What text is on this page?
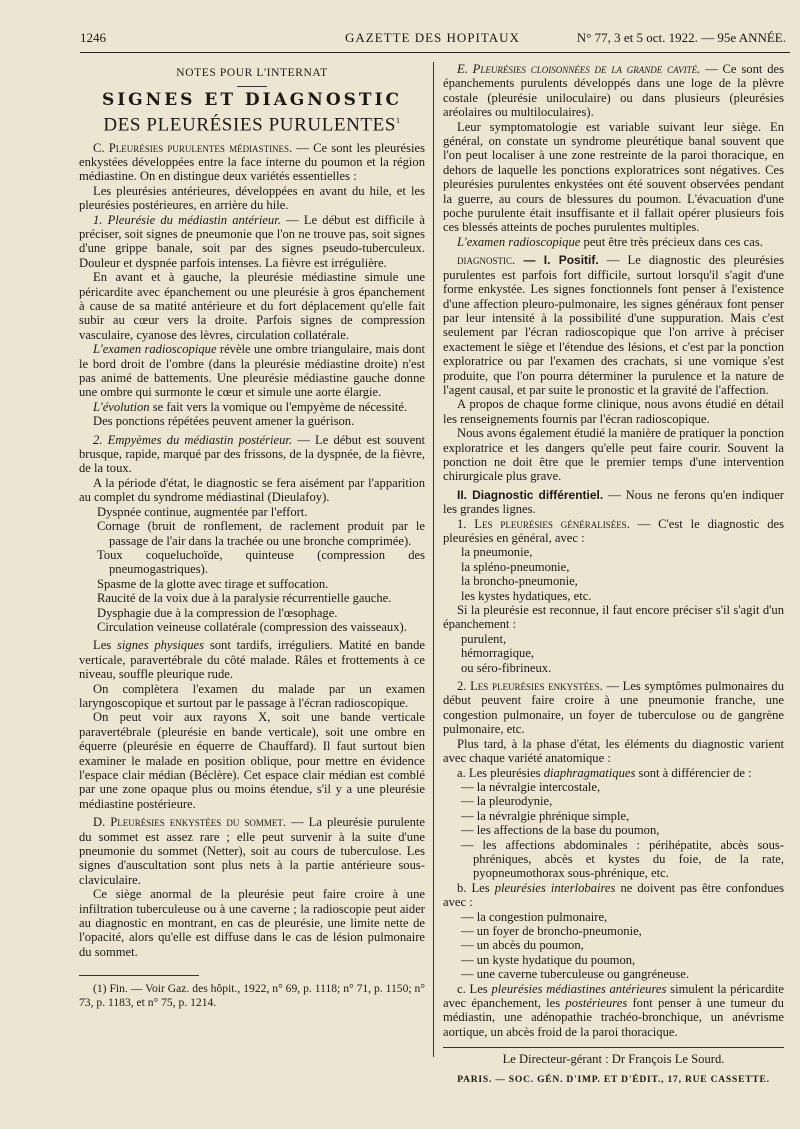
1246	GAZETTE DES HOPITAUX	N° 77, 3 et 5 oct. 1922. — 95e ANNÉE.

NOTES POUR L'INTERNAT

SIGNES ET DIAGNOSTIC

DES PLEURÉSIES PURULENTES$^1$

C. Pleurésies purulentes médiastines. — Ce sont les pleurésies enkystées développées entre la face interne du poumon et la région médiastine. On en distingue deux variétés essentielles :

Les pleurésies antérieures, développées en avant du hile, et les pleurésies postérieures, en arrière du hile.

1. Pleurésie du médiastin antérieur. — Le début est difficile à préciser, soit signes de pneumonie que l'on ne trouve pas, soit signes d'une grippe banale, soit par des signes pseudo-tuberculeux. Douleur et dyspnée parfois intenses. La fièvre est irrégulière.

En avant et à gauche, la pleurésie médiastine simule une péricardite avec épanchement ou une pleurésie à gros épanchement à cause de sa matité antérieure et du fort déplacement qu'elle fait subir au cœur vers la droite. Parfois signes de compression vasculaire, cyanose des lèvres, circulation collatérale.

L'examen radioscopique révèle une ombre triangulaire, mais dont le bord droit de l'ombre (dans la pleurésie médiastine droite) n'est pas animé de battements. Une pleurésie médiastine gauche donne une ombre qui surmonte le cœur et simule une aorte élargie.

L'évolution se fait vers la vomique ou l'empyème de nécessité.

Des ponctions répétées peuvent amener la guérison.

2. Empyèmes du médiastin postérieur. — Le début est souvent brusque, rapide, marqué par des frissons, de la dyspnée, de la fièvre, de la toux.

A la période d'état, le diagnostic se fera aisément par l'apparition au complet du syndrome médiastinal (Dieulafoy).

Dyspnée continue, augmentée par l'effort.

Cornage (bruit de ronflement, de raclement produit par le passage de l'air dans la trachée ou une bronche comprimée).

Toux coqueluchoïde, quinteuse (compression des pneumogastriques).

Spasme de la glotte avec tirage et suffocation.

Raucité de la voix due à la paralysie récurrentielle gauche.

Dysphagie due à la compression de l'œsophage.

Circulation veineuse collatérale (compression des vaisseaux).

Les signes physiques sont tardifs, irréguliers. Matité en bande verticale, paravertébrale du côté malade. Râles et frottements à ce niveau, souffle pleurique rude.

On complètera l'examen du malade par un examen laryngoscopique et surtout par le passage à l'écran radioscopique.

On peut voir aux rayons X, soit une bande verticale paravertébrale (pleurésie en bande verticale), soit une ombre en équerre (pleurésie en équerre de Chauffard). Il faut surtout bien examiner le malade en position oblique, pour mettre en évidence l'espace clair médian (Béclère). Cet espace clair médian est comblé par une zone opaque plus ou moins étendue, s'il y a une pleurésie médiastine postérieure.

D. Pleurésies enkystées du sommet. — La pleurésie purulente du sommet est assez rare ; elle peut survenir à la suite d'une pneumonie du sommet (Netter), soit au cours de tuberculose. Les signes d'auscultation sont plus nets à la partie antérieure sous-claviculaire.

Ce siège anormal de la pleurésie peut faire croire à une infiltration tuberculeuse ou à une caverne ; la radioscopie peut aider au diagnostic en montrant, en cas de pleurésie, une limite nette de l'opacité, alors qu'elle est diffuse dans le cas de lésion pulmonaire du sommet.

(1) Fin. — Voir Gaz. des hôpit., 1922, n° 69, p. 1118; n° 71, p. 1150; n° 73, p. 1183, et n° 75, p. 1214.

E. Pleurésies cloisonnées de la grande cavité. — Ce sont des épanchements purulents développés dans une loge de la plèvre costale (pleurésie uniloculaire) ou dans plusieurs (pleurésies aréolaires ou multiloculaires).

Leur symptomatologie est variable suivant leur siège. En général, on constate un syndrome pleurétique banal souvent que l'on peut localiser à une zone restreinte de la paroi thoracique, en dehors de laquelle les ponctions exploratrices sont négatives. Ces pleurésies purulentes enkystées ont été souvent observées pendant la guerre, au cours de blessures du poumon. L'évacuation d'une poche purulente était insuffisante et il fallait opérer plusieurs fois ces blessés atteints de poches purulentes multiples.

L'examen radioscopique peut être très précieux dans ces cas.

diagnostic. — I. Positif. — Le diagnostic des pleurésies purulentes est parfois fort difficile, surtout lorsqu'il s'agit d'une forme enkystée. Les signes fonctionnels font penser à l'existence d'une affection pleuro-pulmonaire, les signes généraux font penser par leur intensité à la possibilité d'une suppuration. Mais c'est seulement par l'écran radioscopique que l'on arrive à préciser exactement le siège et l'étendue des lésions, et c'est par la ponction exploratrice ou par l'examen des crachats, si une vomique s'est produite, que l'on pourra déterminer la purulence et la nature de l'agent causal, et par suite le pronostic et la gravité de l'affection.

A propos de chaque forme clinique, nous avons étudié en détail les renseignements fournis par l'écran radioscopique.

Nous avons également étudié la manière de pratiquer la ponction exploratrice et les dangers qu'elle peut faire courir. Souvent la ponction ne doit être que le premier temps d'une intervention chirurgicale plus grave.

II. Diagnostic différentiel. — Nous ne ferons qu'en indiquer les grandes lignes.

1. Les pleurésies généralisées. — C'est le diagnostic des pleurésies en général, avec :

la pneumonie,

la spléno-pneumonie,

la broncho-pneumonie,

les kystes hydatiques, etc.

Si la pleurésie est reconnue, il faut encore préciser s'il s'agit d'un épanchement :

purulent,

hémorragique,

ou séro-fibrineux.

2. Les pleurésies enkystées. — Les symptômes pulmonaires du début peuvent faire croire à une pneumonie franche, une congestion pulmonaire, un foyer de tuberculose ou de gangrène pulmonaire, etc.

Plus tard, à la phase d'état, les éléments du diagnostic varient avec chaque variété anatomique :

a. Les pleurésies diaphragmatiques sont à différencier de :

— la névralgie intercostale,

— la pleurodynie,

— la névralgie phrénique simple,

— les affections de la base du poumon,

— les affections abdominales : périhépatite, abcès sous-phréniques, abcès et kystes du foie, de la rate, pyopneumothorax sous-phrénique, etc.

b. Les pleurésies interlobaires ne doivent pas être confondues avec :

— la congestion pulmonaire,

— un foyer de broncho-pneumonie,

— un abcès du poumon,

— un kyste hydatique du poumon,

— une caverne tuberculeuse ou gangréneuse.

c. Les pleurésies médiastines antérieures simulent la péricardite avec épanchement, les postérieures font penser à une tumeur du médiastin, une adénopathie trachéo-bronchique, un anévrisme aortique, un abcès froid de la paroi thoracique.

Le Directeur-gérant : Dr François Le Sourd.

PARIS. — SOC. GÉN. D'IMP. ET D'ÉDIT., 17, RUE CASSETTE.
